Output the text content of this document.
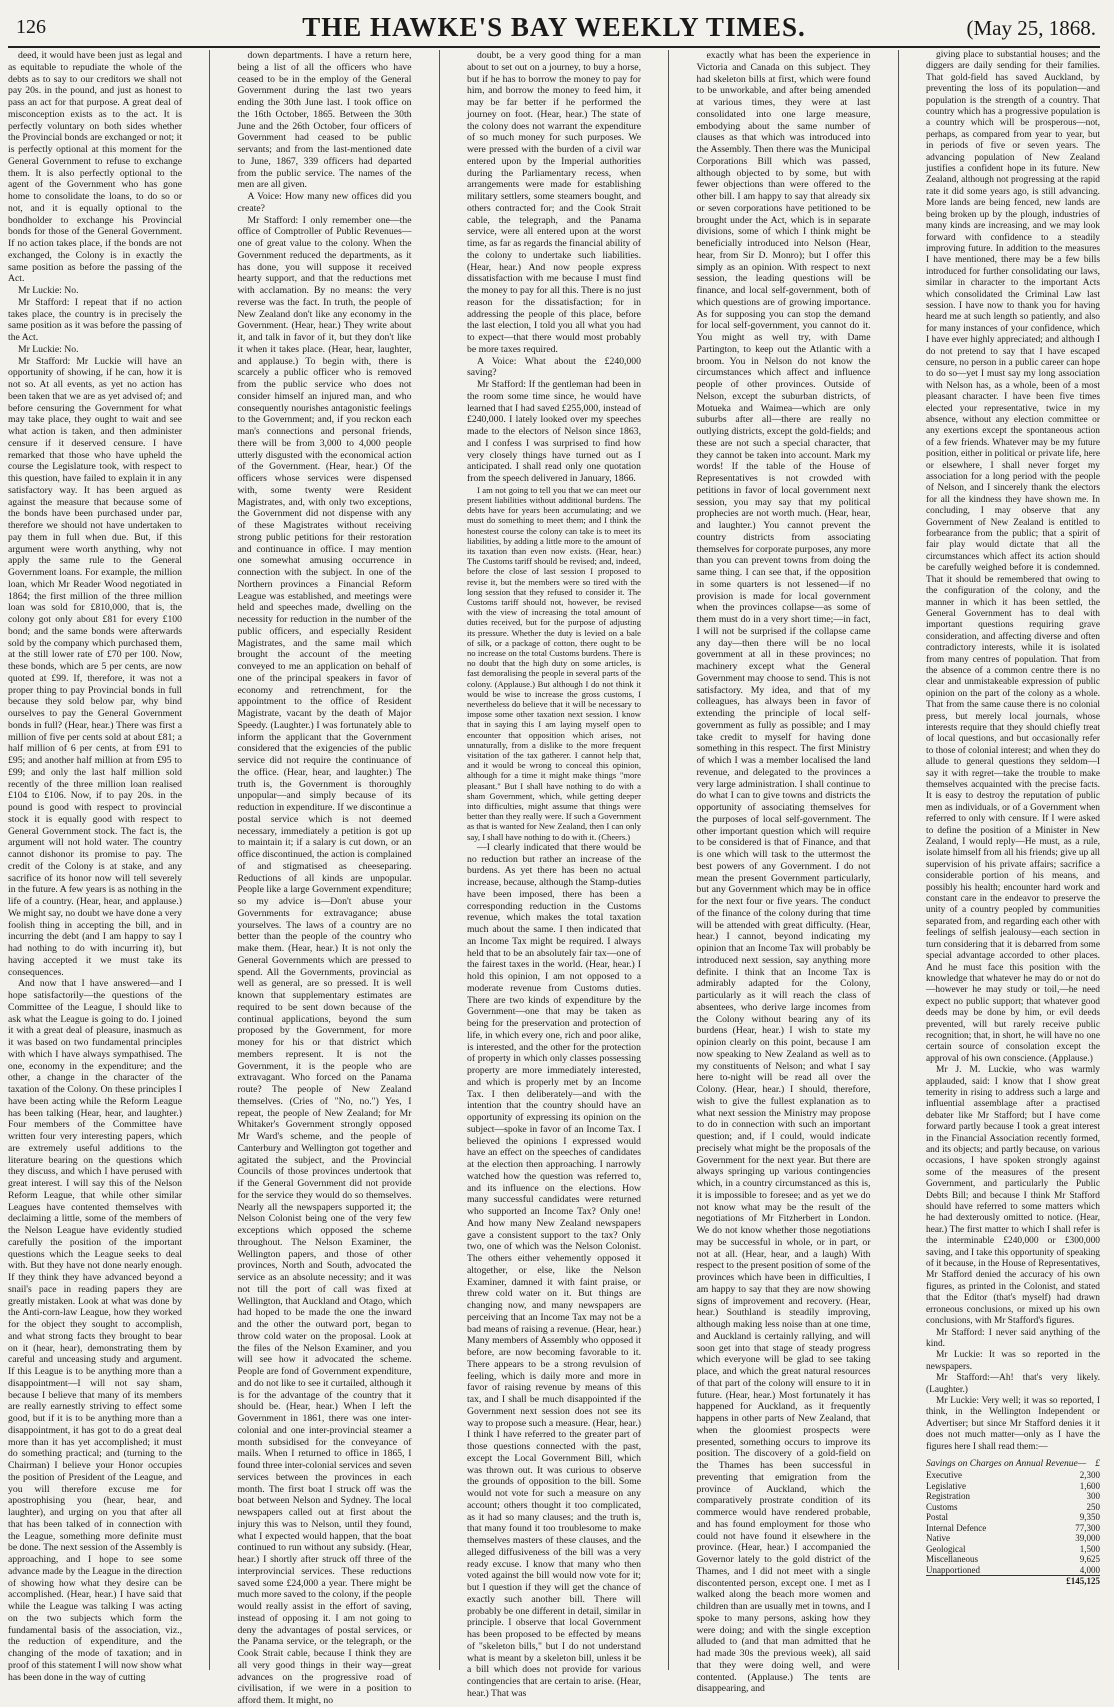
126	THE HAWKE'S BAY WEEKLY TIMES.	(May 25, 1868.

deed, it would have been just as legal and as equitable to repudiate the whole of the debts as to say to our creditors we shall not pay 20s. in the pound, and just as honest to pass an act for that purpose. A great deal of misconception exists as to the act. It is perfectly voluntary on both sides whether the Provincial bonds are exchanged or not; it is perfectly optional at this moment for the General Government to refuse to exchange them. It is also perfectly optional to the agent of the Government who has gone home to consolidate the loans, to do so or not, and it is equally optional to the bondholder to exchange his Provincial bonds for those of the General Government. If no action takes place, if the bonds are not exchanged, the Colony is in exactly the same position as before the passing of the Act.

Mr Luckie: No.

Mr Stafford: I repeat that if no action takes place, the country is in precisely the same position as it was before the passing of the Act.

Mr Luckie: No.

Mr Stafford: Mr Luckie will have an opportunity of showing, if he can, how it is not so. At all events, as yet no action has been taken that we are as yet advised of; and before censuring the Government for what may take place, they ought to wait and see what action is taken, and then administer censure if it deserved censure. I have remarked that those who have upheld the course the Legislature took, with respect to this question, have failed to explain it in any satisfactory way. It has been argued as against the measure that because some of the bonds have been purchased under par, therefore we should not have undertaken to pay them in full when due. But, if this argument were worth anything, why not apply the same rule to the General Government loans. For example, the million loan, which Mr Reader Wood negotiated in 1864; the first million of the three million loan was sold for £810,000, that is, the colony got only about £81 for every £100 bond; and the same bonds were afterwards sold by the company which purchased them, at the still lower rate of £70 per 100. Now, these bonds, which are 5 per cents, are now quoted at £99. If, therefore, it was not a proper thing to pay Provincial bonds in full because they sold below par, why bind ourselves to pay the General Government bonds in full? (Hear, hear.) There was first a million of five per cents sold at about £81; a half million of 6 per cents, at from £91 to £95; and another half million at from £95 to £99; and only the last half million sold recently of the three million loan realised £104 to £106. Now, if to pay 20s. in the pound is good with respect to provincial stock it is equally good with respect to General Government stock. The fact is, the argument will not hold water. The country cannot dishonor its promise to pay. The credit of the Colony is at stake, and any sacrifice of its honor now will tell severely in the future. A few years is as nothing in the life of a country. (Hear, hear, and applause.) We might say, no doubt we have done a very foolish thing in accepting the bill, and in incurring the debt (and I am happy to say I had nothing to do with incurring it), but having accepted it we must take its consequences.

And now that I have answered—and I hope satisfactorily—the questions of the Committee of the League, I should like to ask what the League is going to do. I joined it with a great deal of pleasure, inasmuch as it was based on two fundamental principles with which I have always sympathised. The one, economy in the expenditure; and the other, a change in the character of the taxation of the Colony. On these principles I have been acting while the Reform League has been talking (Hear, hear, and laughter.) Four members of the Committee have written four very interesting papers, which are extremely useful additions to the literature bearing on the questions which they discuss, and which I have perused with great interest. I will say this of the Nelson Reform League, that while other similar Leagues have contented themselves with declaiming a little, some of the members of the Nelson League have evidently studied carefully the position of the important questions which the League seeks to deal with. But they have not done nearly enough. If they think they have advanced beyond a snail's pace in reading papers they are greatly mistaken. Look at what was done by the Anti-corn-law League, how they worked for the object they sought to accomplish, and what strong facts they brought to bear on it (hear, hear), demonstrating them by careful and unceasing study and argument. If this League is to be anything more than a disappointment—I will not say sham, because I believe that many of its members are really earnestly striving to effect some good, but if it is to be anything more than a disappointment, it has got to do a great deal more than it has yet accomplished; it must do something practical; and (turning to the Chairman) I believe your Honor occupies the position of President of the League, and you will therefore excuse me for apostrophising you (hear, hear, and laughter), and urging on you that after all that has been talked of in connection with the League, something more definite must be done. The next session of the Assembly is approaching, and I hope to see some advance made by the League in the direction of showing how what they desire can be accomplished. (Hear, hear.) I have said that while the League was talking I was acting on the two subjects which form the fundamental basis of the association, viz., the reduction of expenditure, and the changing of the mode of taxation; and in proof of this statement I will now show what has been done in the way of cutting

down departments. I have a return here, being a list of all the officers who have ceased to be in the employ of the General Government during the last two years ending the 30th June last. I took office on the 16th October, 1865. Between the 30th June and the 26th October, four officers of Government had ceased to be public servants; and from the last-mentioned date to June, 1867, 339 officers had departed from the public service. The names of the men are all given.

A Voice: How many new offices did you create?

Mr Stafford: I only remember one—the office of Comptroller of Public Revenues—one of great value to the colony. When the Government reduced the departments, as it has done, you will suppose it received hearty support, and that the reductions met with acclamation. By no means: the very reverse was the fact. In truth, the people of New Zealand don't like any economy in the Government. (Hear, hear.) They write about it, and talk in favor of it, but they don't like it when it takes place. (Hear, hear, laughter, and applause.) To begin with, there is scarcely a public officer who is removed from the public service who does not consider himself an injured man, and who consequently nourishes antagonistic feelings to the Government; and, if you reckon each man's connections and personal friends, there will be from 3,000 to 4,000 people utterly disgusted with the economical action of the Government. (Hear, hear.) Of the officers whose services were dispensed with, some twenty were Resident Magistrates, and, with only two exceptions, the Government did not dispense with any of these Magistrates without receiving strong public petitions for their restoration and continuance in office. I may mention one somewhat amusing occurrence in connection with the subject. In one of the Northern provinces a Financial Reform League was established, and meetings were held and speeches made, dwelling on the necessity for reduction in the number of the public officers, and especially Resident Magistrates, and the same mail which brought the account of the meeting conveyed to me an application on behalf of one of the principal speakers in favor of economy and retrenchment, for the appointment to the office of Resident Magistrate, vacant by the death of Major Speedy. (Laughter.) I was fortunately able to inform the applicant that the Government considered that the exigencies of the public service did not require the continuance of the office. (Hear, hear, and laughter.) The truth is, the Government is thoroughly unpopular—and simply because of its reduction in expenditure. If we discontinue a postal service which is not deemed necessary, immediately a petition is got up to maintain it; if a salary is cut down, or an office discontinued, the action is complained of and stigmatised as cheeseparing. Reductions of all kinds are unpopular. People like a large Government expenditure; so my advice is—Don't abuse your Governments for extravagance; abuse yourselves. The laws of a country are no better than the people of the country who make them. (Hear, hear.) It is not only the General Governments which are pressed to spend. All the Governments, provincial as well as general, are so pressed. It is well known that supplementary estimates are required to be sent down because of the continual applications, beyond the sum proposed by the Government, for more money for his or that district which members represent. It is not the Government, it is the people who are extravagant. Who forced on the Panama route? The people of New Zealand themselves. (Cries of "No, no.") Yes, I repeat, the people of New Zealand; for Mr Whitaker's Government strongly opposed Mr Ward's scheme, and the people of Canterbury and Wellington got together and agitated the subject, and the Provincial Councils of those provinces undertook that if the General Government did not provide for the service they would do so themselves. Nearly all the newspapers supported it; the Nelson Colonist being one of the very few exceptions which opposed the scheme throughout. The Nelson Examiner, the Wellington papers, and those of other provinces, North and South, advocated the service as an absolute necessity; and it was not till the port of call was fixed at Wellington, that Auckland and Otago, which had hoped to be made the one the inward and the other the outward port, began to throw cold water on the proposal. Look at the files of the Nelson Examiner, and you will see how it advocated the scheme. People are fond of Government expenditure, and do not like to see it curtailed, although it is for the advantage of the country that it should be. (Hear, hear.) When I left the Government in 1861, there was one inter-colonial and one inter-provincial steamer a month subsidised for the conveyance of mails. When I returned to office in 1865, I found three inter-colonial services and seven services between the provinces in each month. The first boat I struck off was the boat between Nelson and Sydney. The local newspapers called out at first about the injury this was to Nelson, until they found, what I expected would happen, that the boat continued to run without any subsidy. (Hear, hear.) I shortly after struck off three of the interprovincial services. These reductions saved some £24,000 a year. There might be much more saved to the colony, if the people would really assist in the effort of saving, instead of opposing it. I am not going to deny the advantages of postal services, or the Panama service, or the telegraph, or the Cook Strait cable, because I think they are all very good things in their way—great advances on the progressive road of civilisation, if we were in a position to afford them. It might, no

doubt, be a very good thing for a man about to set out on a journey, to buy a horse, but if he has to borrow the money to pay for him, and borrow the money to feed him, it may be far better if he performed the journey on foot. (Hear, hear.) The state of the colony does not warrant the expenditure of so much money for such purposes. We were pressed with the burden of a civil war entered upon by the Imperial authorities during the Parliamentary recess, when arrangements were made for establishing military settlers, some steamers bought, and others contracted for; and the Cook Strait cable, the telegraph, and the Panama service, were all entered upon at the worst time, as far as regards the financial ability of the colony to undertake such liabilities. (Hear, hear.) And now people express dissatisfaction with me because I must find the money to pay for all this. There is no just reason for the dissatisfaction; for in addressing the people of this place, before the last election, I told you all what you had to expect—that there would most probably be more taxes required.

A Voice: What about the £240,000 saving?

Mr Stafford: If the gentleman had been in the room some time since, he would have learned that I had saved £255,000, instead of £240,000. I lately looked over my speeches made to the electors of Nelson since 1863, and I confess I was surprised to find how very closely things have turned out as I anticipated. I shall read only one quotation from the speech delivered in January, 1866.

I am not going to tell you that we can meet our present liabilities without additional burdens. The debts have for years been accumulating; and we must do something to meet them; and I think the honestest course the colony can take is to meet its liabilities, by adding a little more to the amount of its taxation than even now exists. (Hear, hear.) The Customs tariff should be revised; and, indeed, before the close of last session I proposed to revise it, but the members were so tired with the long session that they refused to consider it. The Customs tariff should not, however, be revised with the view of increasing the total amount of duties received, but for the purpose of adjusting its pressure. Whether the duty is levied on a bale of silk, or a package of cotton, there ought to be no increase on the total Customs burdens. There is no doubt that the high duty on some articles, is fast demoralising the people in several parts of the colony. (Applause.) But although I do not think it would be wise to increase the gross customs, I nevertheless do believe that it will be necessary to impose some other taxation next session. I know that in saying this I am laying myself open to encounter that opposition which arises, not unnaturally, from a dislike to the more frequent visitation of the tax gatherer. I cannot help that, and it would be wrong to conceal this opinion, although for a time it might make things "more pleasant." But I shall have nothing to do with a sham Government, which, while getting deeper into difficulties, might assume that things were better than they really were. If such a Government as that is wanted for New Zealand, then I can only say, I shall have nothing to do with it. (Cheers.)

—I clearly indicated that there would be no reduction but rather an increase of the burdens. As yet there has been no actual increase, because, although the Stamp-duties have been imposed, there has been a corresponding reduction in the Customs revenue, which makes the total taxation much about the same. I then indicated that an Income Tax might be required. I always held that to be an absolutely fair tax—one of the fairest taxes in the world. (Hear, hear.) I hold this opinion, I am not opposed to a moderate revenue from Customs duties. There are two kinds of expenditure by the Government—one that may be taken as being for the preservation and protection of life, in which every one, rich and poor alike, is interested, and the other for the protection of property in which only classes possessing property are more immediately interested, and which is properly met by an Income Tax. I then deliberately—and with the intention that the country should have an opportunity of expressing its opinion on the subject—spoke in favor of an Income Tax. I believed the opinions I expressed would have an effect on the speeches of candidates at the election then approaching. I narrowly watched how the question was referred to, and its influence on the elections. How many successful candidates were returned who supported an Income Tax? Only one! And how many New Zealand newspapers gave a consistent support to the tax? Only two, one of which was the Nelson Colonist. The others either vehemently opposed it altogether, or else, like the Nelson Examiner, damned it with faint praise, or threw cold water on it. But things are changing now, and many newspapers are perceiving that an Income Tax may not be a bad means of raising a revenue. (Hear, hear.) Many members of Assembly who opposed it before, are now becoming favorable to it. There appears to be a strong revulsion of feeling, which is daily more and more in favor of raising revenue by means of this tax, and I shall be much disappointed if the Government next session does not see its way to propose such a measure. (Hear, hear.) I think I have referred to the greater part of those questions connected with the past, except the Local Government Bill, which was thrown out. It was curious to observe the grounds of opposition to the bill. Some would not vote for such a measure on any account; others thought it too complicated, as it had so many clauses; and the truth is, that many found it too troublesome to make themselves masters of these clauses, and the alleged diffusiveness of the bill was a very ready excuse. I know that many who then voted against the bill would now vote for it; but I question if they will get the chance of exactly such another bill. There will probably be one different in detail, similar in principle. I observe that local Government has been proposed to be effected by means of "skeleton bills," but I do not understand what is meant by a skeleton bill, unless it be a bill which does not provide for various contingencies that are certain to arise. (Hear, hear.) That was

exactly what has been the experience in Victoria and Canada on this subject. They had skeleton bills at first, which were found to be unworkable, and after being amended at various times, they were at last consolidated into one large measure, embodying about the same number of clauses as that which was introduced into the Assembly. Then there was the Municipal Corporations Bill which was passed, although objected to by some, but with fewer objections than were offered to the other bill. I am happy to say that already six or seven corporations have petitioned to be brought under the Act, which is in separate divisions, some of which I think might be beneficially introduced into Nelson (Hear, hear, from Sir D. Monro); but I offer this simply as an opinion. With respect to next session, the leading questions will be finance, and local self-government, both of which questions are of growing importance. As for supposing you can stop the demand for local self-government, you cannot do it. You might as well try, with Dame Partington, to keep out the Atlantic with a broom. You in Nelson do not know the circumstances which affect and influence people of other provinces. Outside of Nelson, except the suburban districts, of Motueka and Waimea—which are only suburbs after all—there are really no outlying districts, except the gold-fields; and these are not such a special character, that they cannot be taken into account. Mark my words! If the table of the House of Representatives is not crowded with petitions in favor of local government next session, you may say that my political prophecies are not worth much. (Hear, hear, and laughter.) You cannot prevent the country districts from associating themselves for corporate purposes, any more than you can prevent towns from doing the same thing. I can see that, if the opposition in some quarters is not lessened—if no provision is made for local government when the provinces collapse—as some of them must do in a very short time;—in fact, I will not be surprised if the collapse came any day—then there will be no local government at all in these provinces; no machinery except what the General Government may choose to send. This is not satisfactory. My idea, and that of my colleagues, has always been in favor of extending the principle of local self-government as fully as possible; and I may take credit to myself for having done something in this respect. The first Ministry of which I was a member localised the land revenue, and delegated to the provinces a very large administration. I shall continue to do what I can to give towns and districts the opportunity of associating themselves for the purposes of local self-government. The other important question which will require to be considered is that of Finance, and that is one which will task to the uttermost the best powers of any Government. I do not mean the present Government particularly, but any Government which may be in office for the next four or five years. The conduct of the finance of the colony during that time will be attended with great difficulty. (Hear, hear.) I cannot, beyond indicating my opinion that an Income Tax will probably be introduced next session, say anything more definite. I think that an Income Tax is admirably adapted for the Colony, particularly as it will reach the class of absentees, who derive large incomes from the Colony without bearing any of its burdens (Hear, hear.) I wish to state my opinion clearly on this point, because I am now speaking to New Zealand as well as to my constituents of Nelson; and what I say here to-night will be read all over the Colony. (Hear, hear.) I should, therefore, wish to give the fullest explanation as to what next session the Ministry may propose to do in connection with such an important question; and, if I could, would indicate precisely what might be the proposals of the Government for the next year. But there are always springing up various contingencies which, in a country circumstanced as this is, it is impossible to foresee; and as yet we do not know what may be the result of the negotiations of Mr Fitzherbert in London. We do not know whether those negotiations may be successful in whole, or in part, or not at all. (Hear, hear, and a laugh) With respect to the present position of some of the provinces which have been in difficulties, I am happy to say that they are now showing signs of improvement and recovery. (Hear, hear.) Southland is steadily improving, although making less noise than at one time, and Auckland is certainly rallying, and will soon get into that stage of steady progress which everyone will be glad to see taking place, and which the great natural resources of that part of the colony will ensure to it in future. (Hear, hear.) Most fortunately it has happened for Auckland, as it frequently happens in other parts of New Zealand, that when the gloomiest prospects were presented, something occurs to improve its position. The discovery of a gold-field on the Thames has been successful in preventing that emigration from the province of Auckland, which the comparatively prostrate condition of its commerce would have rendered probable, and has found employment for those who could not have found it elsewhere in the province. (Hear, hear.) I accompanied the Governor lately to the gold district of the Thames, and I did not meet with a single discontented person, except one. I met as I walked along the beach more women and children than are usually met in towns, and I spoke to many persons, asking how they were doing; and with the single exception alluded to (and that man admitted that he had made 30s the previous week), all said that they were doing well, and were contented. (Applause.) The tents are disappearing, and

giving place to substantial houses; and the diggers are daily sending for their families. That gold-field has saved Auckland, by preventing the loss of its population—and population is the strength of a country. That country which has a progressive population is a country which will be prosperous—not, perhaps, as compared from year to year, but in periods of five or seven years. The advancing population of New Zealand justifies a confident hope in its future. New Zealand, although not progressing at the rapid rate it did some years ago, is still advancing. More lands are being fenced, new lands are being broken up by the plough, industries of many kinds are increasing, and we may look forward with confidence to a steadily improving future. In addition to the measures I have mentioned, there may be a few bills introduced for further consolidating our laws, similar in character to the important Acts which consolidated the Criminal Law last session. I have now to thank you for having heard me at such length so patiently, and also for many instances of your confidence, which I have ever highly appreciated; and although I do not pretend to say that I have escaped censure, no person in a public career can hope to do so—yet I must say my long association with Nelson has, as a whole, been of a most pleasant character. I have been five times elected your representative, twice in my absence, without any election committee or any exertions except the spontaneous action of a few friends. Whatever may be my future position, either in political or private life, here or elsewhere, I shall never forget my association for a long period with the people of Nelson, and I sincerely thank the electors for all the kindness they have shown me. In concluding, I may observe that any Government of New Zealand is entitled to forbearance from the public; that a spirit of fair play would dictate that all the circumstances which affect its action should be carefully weighed before it is condemned. That it should be remembered that owing to the configuration of the colony, and the manner in which it has been settled, the General Government has to deal with important questions requiring grave consideration, and affecting diverse and often contradictory interests, while it is isolated from many centres of population. That from the absence of a common centre there is no clear and unmistakeable expression of public opinion on the part of the colony as a whole. That from the same cause there is no colonial press, but merely local journals, whose interests require that they should chiefly treat of local questions, and but occasionally refer to those of colonial interest; and when they do allude to general questions they seldom—I say it with regret—take the trouble to make themselves acquainted with the precise facts. It is easy to destroy the reputation of public men as individuals, or of a Government when referred to only with censure. If I were asked to define the position of a Minister in New Zealand, I would reply—He must, as a rule, isolate himself from all his friends; give up all supervision of his private affairs; sacrifice a considerable portion of his means, and possibly his health; encounter hard work and constant care in the endeavor to preserve the unity of a country peopled by communities separated from, and regarding each other with feelings of selfish jealousy—each section in turn considering that it is debarred from some special advantage accorded to other places. And he must face this position with the knowledge that whatever he may do or not do—however he may study or toil,—he need expect no public support; that whatever good deeds may be done by him, or evil deeds prevented, will but rarely receive public recognition; that, in short, he will have no one certain source of consolation except the approval of his own conscience. (Applause.)

Mr J. M. Luckie, who was warmly applauded, said: I know that I show great temerity in rising to address such a large and influential assemblage after a practised debater like Mr Stafford; but I have come forward partly because I took a great interest in the Financial Association recently formed, and its objects; and partly because, on various occasions, I have spoken strongly against some of the measures of the present Government, and particularly the Public Debts Bill; and because I think Mr Stafford should have referred to some matters which he had dexterously omitted to notice. (Hear, hear.) The first matter to which I shall refer is the interminable £240,000 or £300,000 saving, and I take this opportunity of speaking of it because, in the House of Representatives, Mr Stafford denied the accuracy of his own figures, as printed in the Colonist, and stated that the Editor (that's myself) had drawn erroneous conclusions, or mixed up his own conclusions, with Mr Stafford's figures.

Mr Stafford: I never said anything of the kind.

Mr Luckie: It was so reported in the newspapers.

Mr Stafford:—Ah! that's very likely. (Laughter.)

Mr Luckie: Very well; it was so reported, I think, in the Wellington Independent or Advertiser; but since Mr Stafford denies it it does not much matter—only as I have the figures here I shall read them:—

Savings on Charges on Annual Revenue— £
Executive	2,300
Legislative	1,600
Registration	300
Customs	250
Postal	9,350
Internal Defence	77,300
Native	39,000
Geological	1,500
Miscellaneous	9,625
Unapportioned	4,000
	£145,125
